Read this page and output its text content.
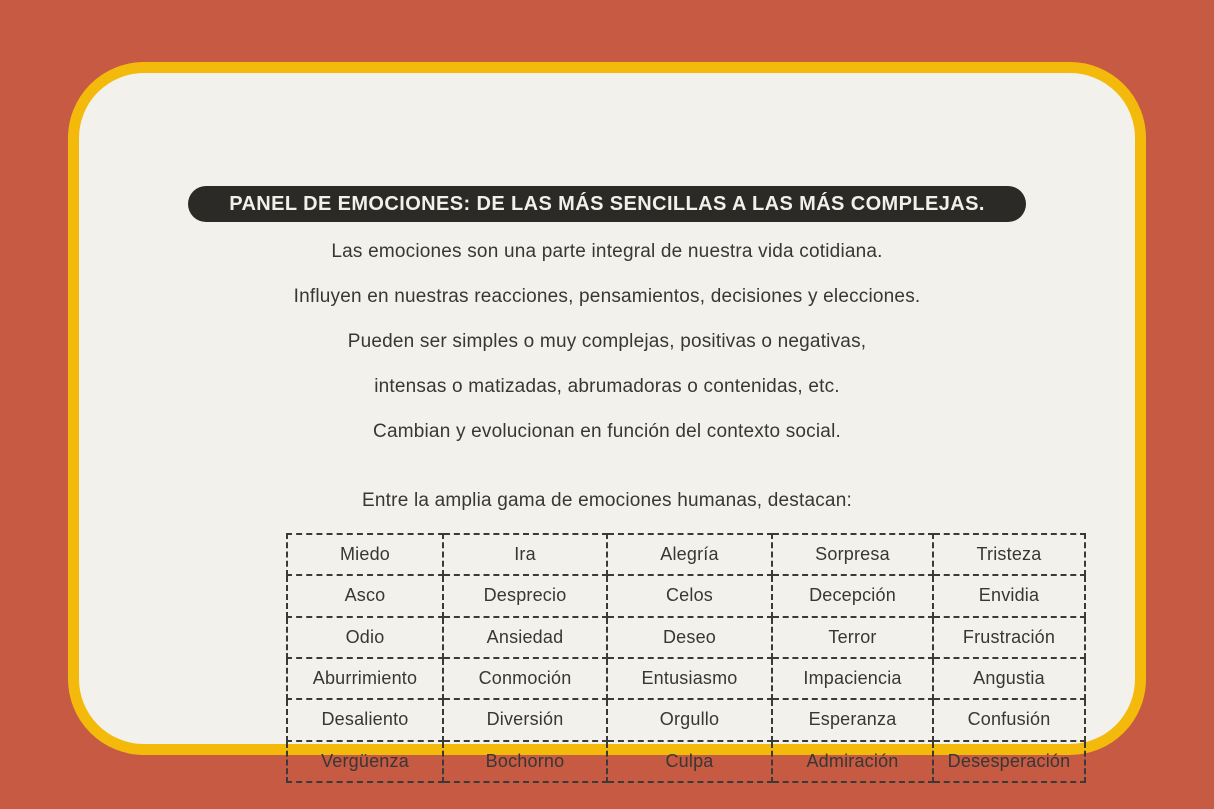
PANEL DE EMOCIONES: DE LAS MÁS SENCILLAS A LAS MÁS COMPLEJAS.
Las emociones son una parte integral de nuestra vida cotidiana.
Influyen en nuestras reacciones, pensamientos, decisiones y elecciones.
Pueden ser simples o muy complejas, positivas o negativas,
intensas o matizadas, abrumadoras o contenidas, etc.
Cambian y evolucionan en función del contexto social.
Entre la amplia gama de emociones humanas, destacan:
Miedo	Ira	Alegría	Sorpresa	Tristeza
Asco	Desprecio	Celos	Decepción	Envidia
Odio	Ansiedad	Deseo	Terror	Frustración
Aburrimiento	Conmoción	Entusiasmo	Impaciencia	Angustia
Desaliento	Diversión	Orgullo	Esperanza	Confusión
Vergüenza	Bochorno	Culpa	Admiración	Desesperación
